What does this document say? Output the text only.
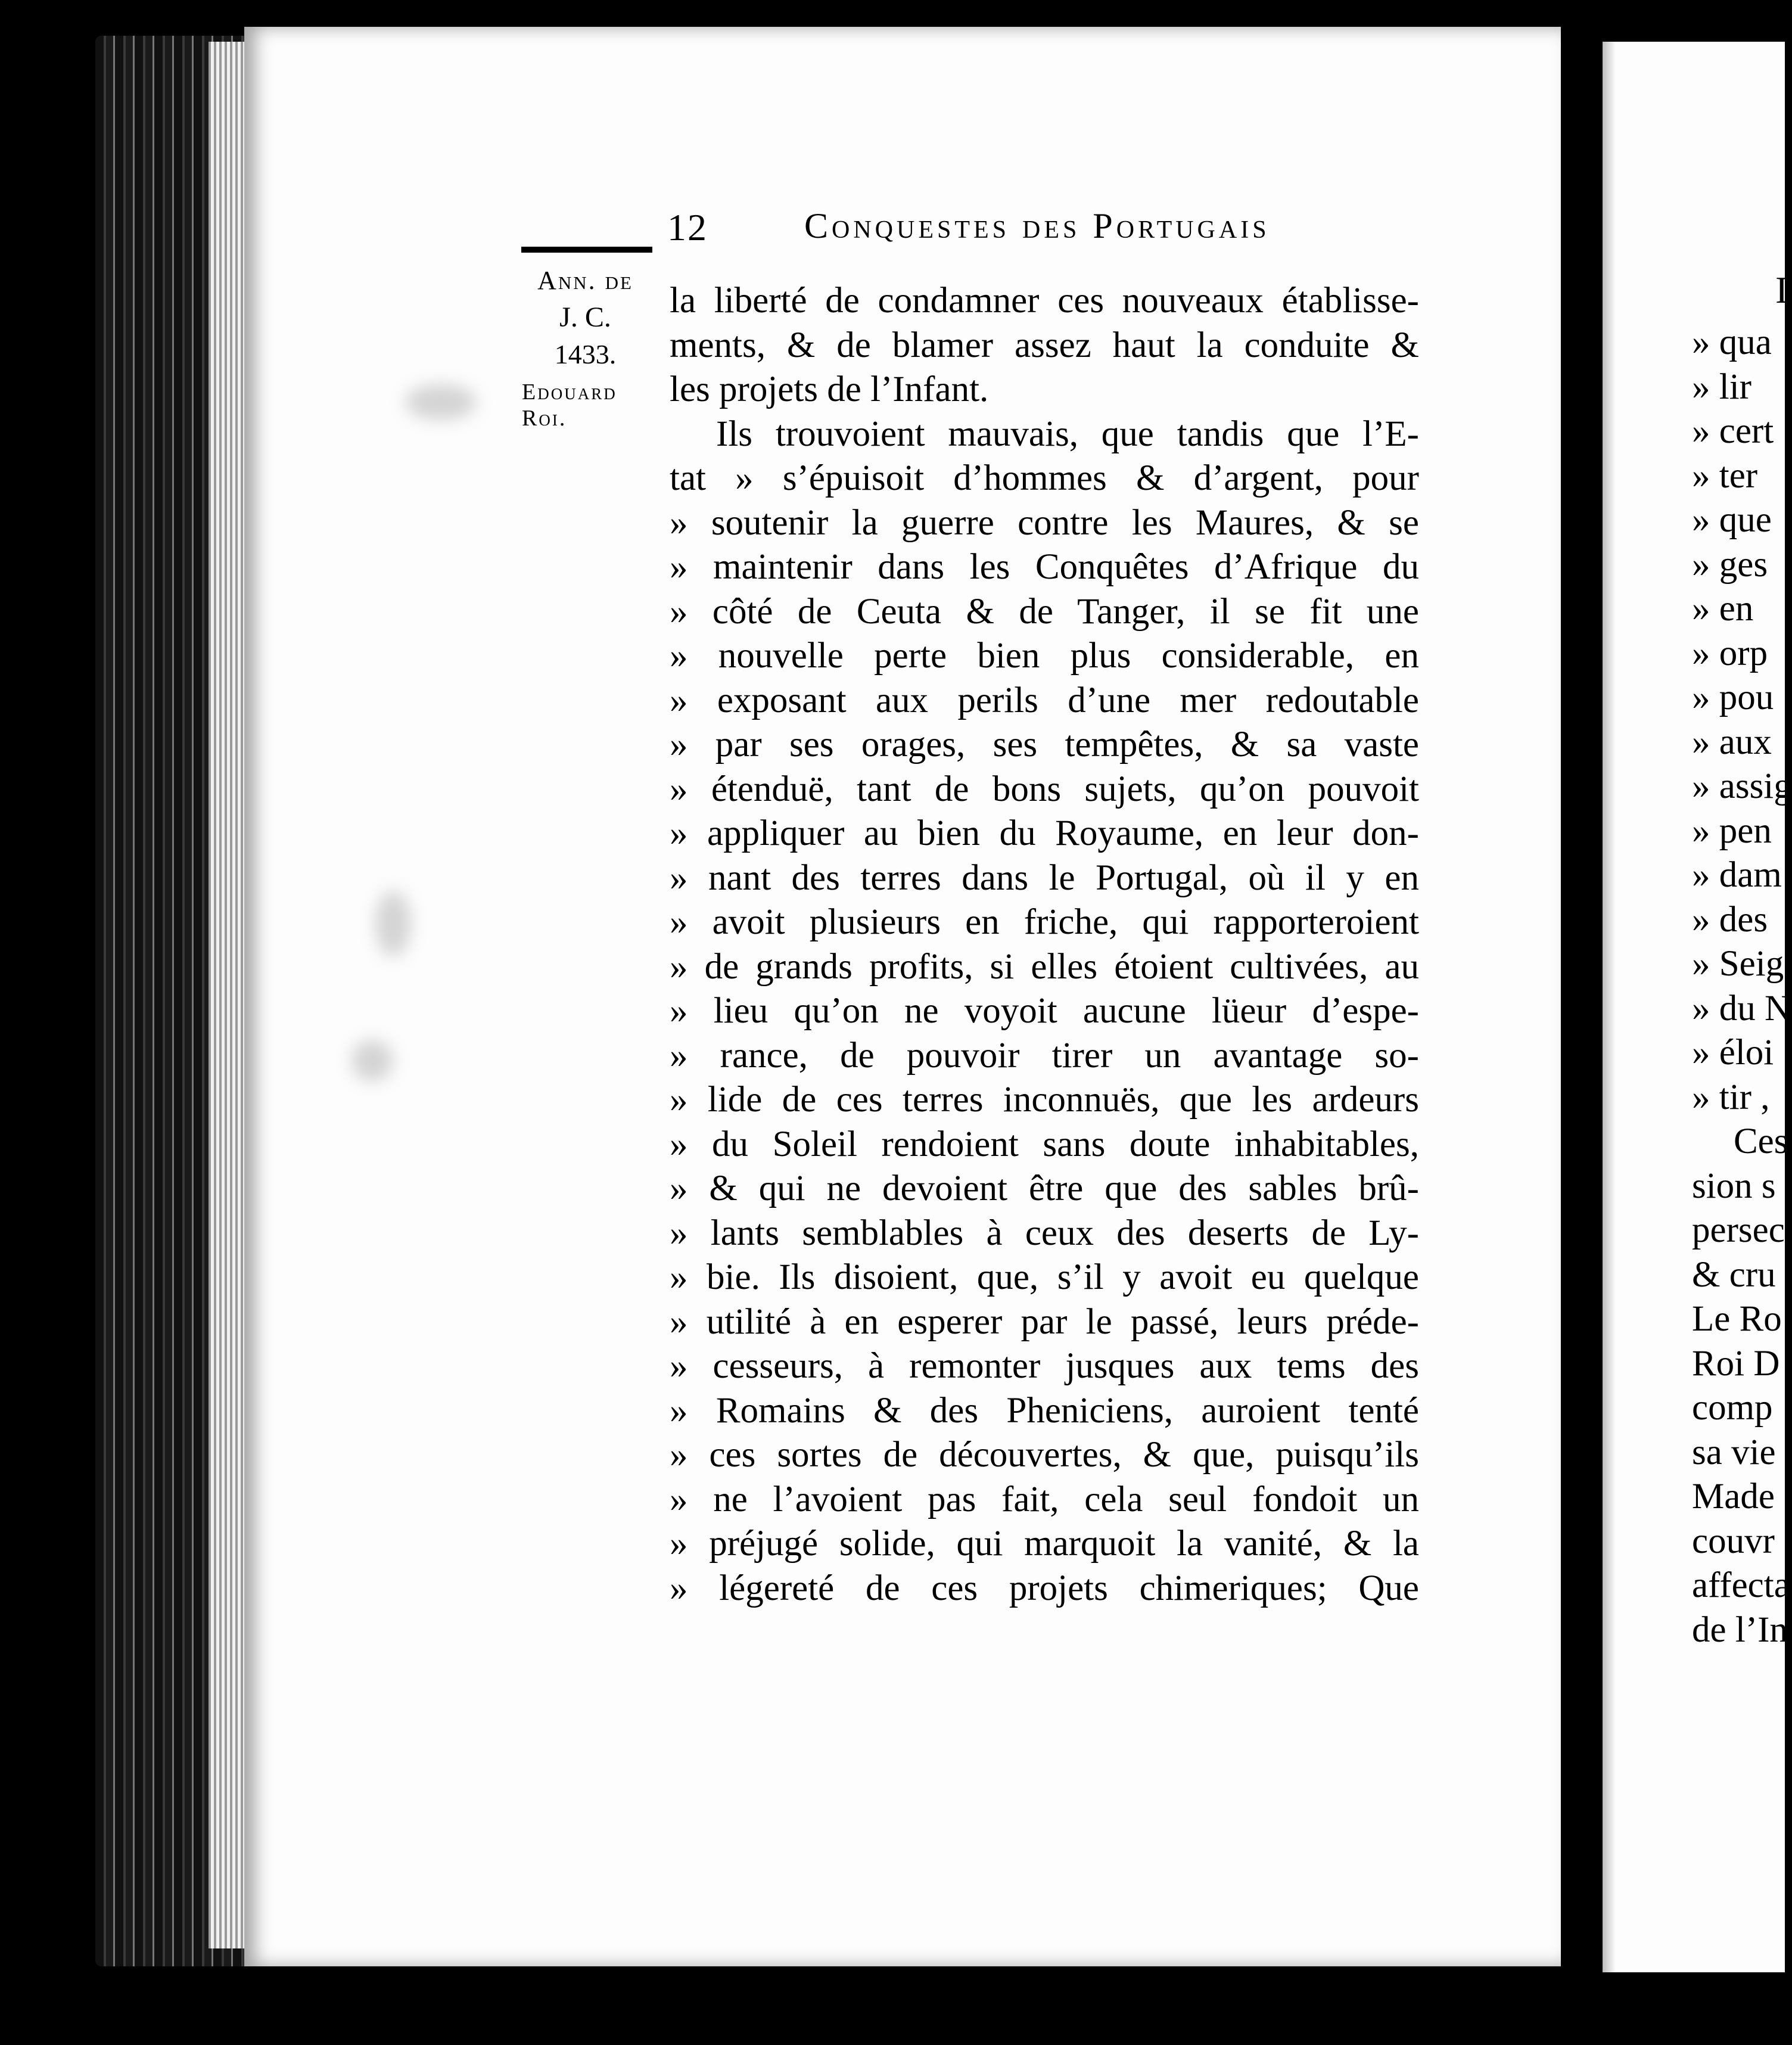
12	Conquestes des Portugais
Ann. de
J. C.
1433.
Edouard
Roi.
la liberté de condamner ces nouveaux établisse-
ments, & de blamer assez haut la conduite &
les projets de l’Infant.
Ils trouvoient mauvais, que tandis que l’E-
tat » s’épuisoit d’hommes & d’argent, pour
» soutenir la guerre contre les Maures, & se
» maintenir dans les Conquêtes d’Afrique du
» côté de Ceuta & de Tanger, il se fit une
» nouvelle perte bien plus considerable, en
» exposant aux perils d’une mer redoutable
» par ses orages, ses tempêtes, & sa vaste
» étenduë, tant de bons sujets, qu’on pouvoit
» appliquer au bien du Royaume, en leur don-
» nant des terres dans le Portugal, où il y en
» avoit plusieurs en friche, qui rapporteroient
» de grands profits, si elles étoient cultivées, au
» lieu qu’on ne voyoit aucune lüeur d’espe-
» rance, de pouvoir tirer un avantage so-
» lide de ces terres inconnuës, que les ardeurs
» du Soleil rendoient sans doute inhabitables,
» & qui ne devoient être que des sables brû-
» lants semblables à ceux des deserts de Ly-
» bie. Ils disoient, que, s’il y avoit eu quelque
» utilité à en esperer par le passé, leurs préde-
» cesseurs, à remonter jusques aux tems des
» Romains & des Pheniciens, auroient tenté
» ces sortes de découvertes, & que, puisqu’ils
» ne l’avoient pas fait, cela seul fondoit un
» préjugé solide, qui marquoit la vanité, & la
» légereté de ces projets chimeriques; Que
I
» qua
» lir
» cert
» ter
» que
» ges
» en
» orp
» pou
» aux
» assig
» pen
» dam
» des
» Seig
» du N
» éloi
» tir ,
Ces
sion s
persec
& cru
Le Ro
Roi D
comp
sa vie
Made
couvr
affecta
de l’In
